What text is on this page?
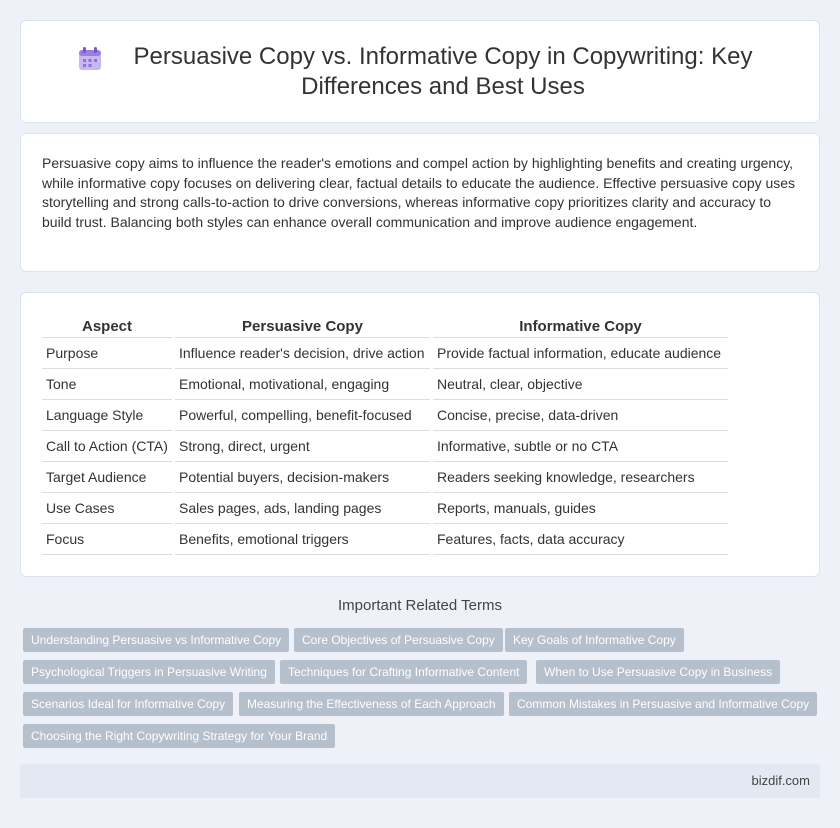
Persuasive Copy vs. Informative Copy in Copywriting: Key Differences and Best Uses

Persuasive copy aims to influence the reader's emotions and compel action by highlighting benefits and creating urgency, while informative copy focuses on delivering clear, factual details to educate the audience. Effective persuasive copy uses storytelling and strong calls-to-action to drive conversions, whereas informative copy prioritizes clarity and accuracy to build trust. Balancing both styles can enhance overall communication and improve audience engagement.

Aspect	Persuasive Copy	Informative Copy
Purpose	Influence reader's decision, drive action	Provide factual information, educate audience
Tone	Emotional, motivational, engaging	Neutral, clear, objective
Language Style	Powerful, compelling, benefit-focused	Concise, precise, data-driven
Call to Action (CTA)	Strong, direct, urgent	Informative, subtle or no CTA
Target Audience	Potential buyers, decision-makers	Readers seeking knowledge, researchers
Use Cases	Sales pages, ads, landing pages	Reports, manuals, guides
Focus	Benefits, emotional triggers	Features, facts, data accuracy
Important Related Terms
Understanding Persuasive vs Informative Copy	Core Objectives of Persuasive Copy	Key Goals of Informative Copy
Psychological Triggers in Persuasive Writing	Techniques for Crafting Informative Content	When to Use Persuasive Copy in Business
Scenarios Ideal for Informative Copy	Measuring the Effectiveness of Each Approach	Common Mistakes in Persuasive and Informative Copy
Choosing the Right Copywriting Strategy for Your Brand
bizdif.com
